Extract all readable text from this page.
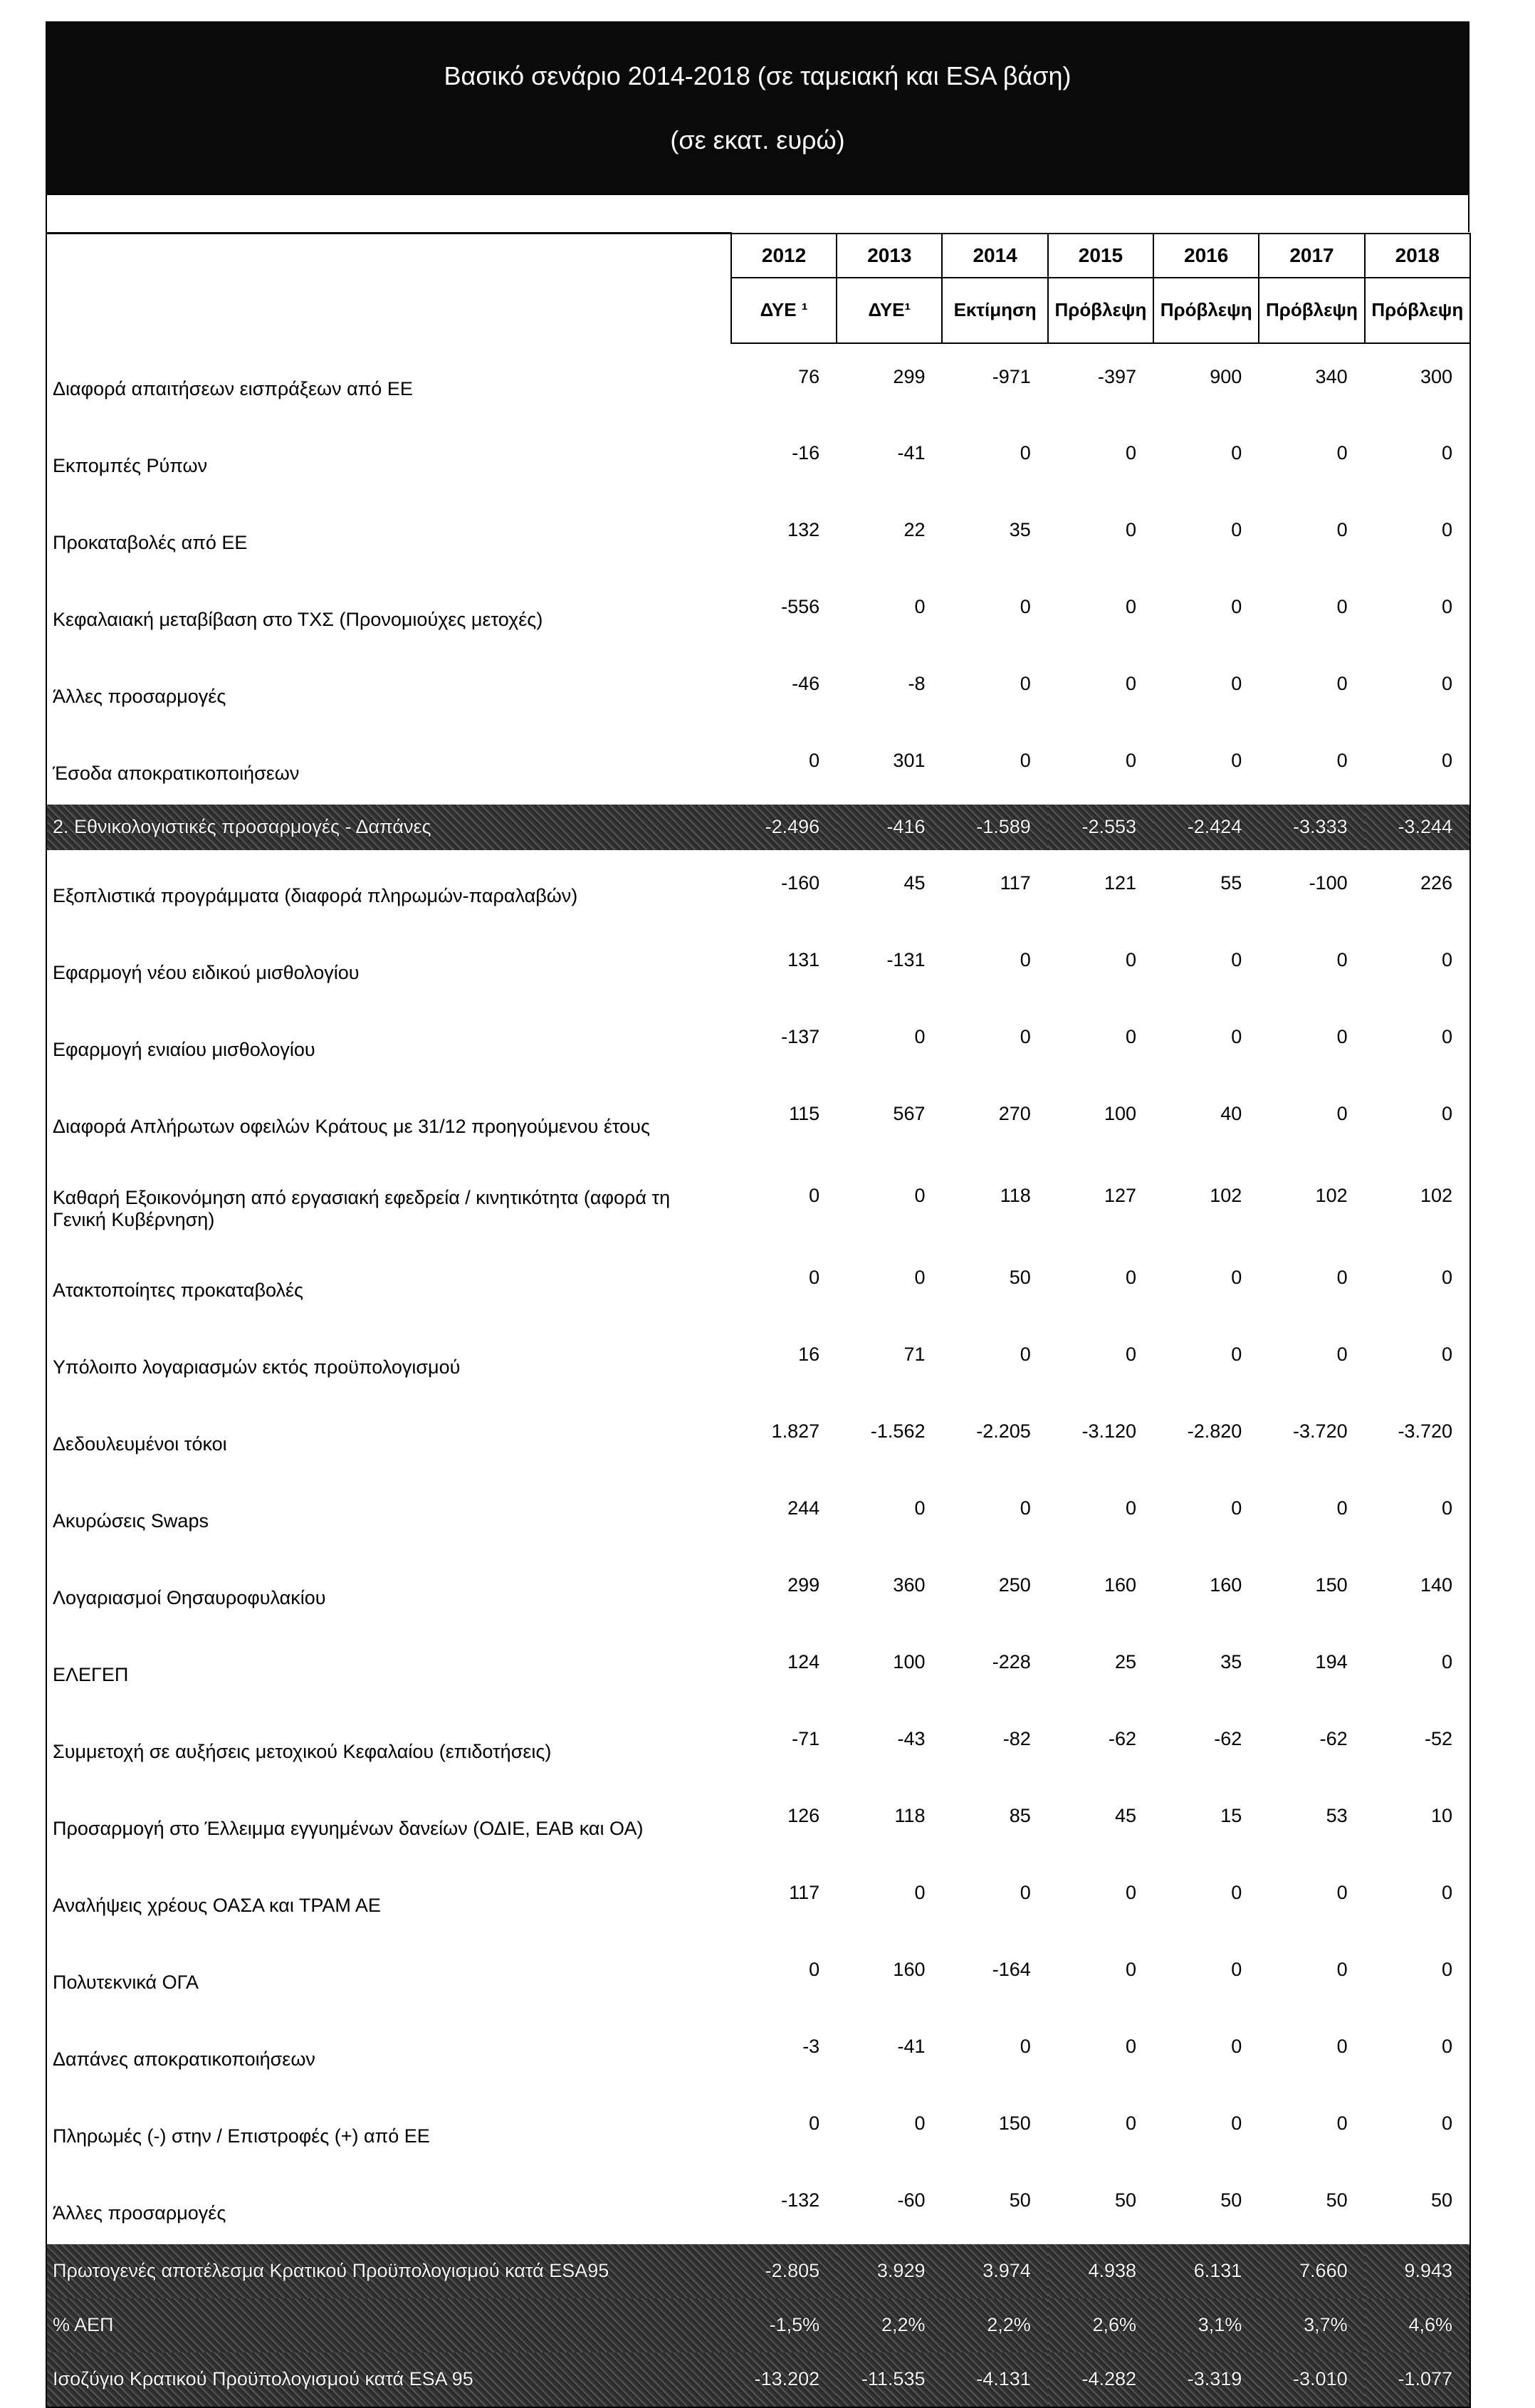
Βασικό σενάριο 2014-2018 (σε ταμειακή και ESA βάση)
(σε εκατ. ευρώ)
	2012	2013	2014	2015	2016	2017	2018
	ΔΥΕ ¹	ΔΥΕ¹	Εκτίμηση	Πρόβλεψη	Πρόβλεψη	Πρόβλεψη	Πρόβλεψη
Διαφορά απαιτήσεων εισπράξεων από ΕΕ	76	299	-971	-397	900	340	300
Εκπομπές Ρύπων	-16	-41	0	0	0	0	0
Προκαταβολές από ΕΕ	132	22	35	0	0	0	0
Κεφαλαιακή μεταβίβαση στο ΤΧΣ (Προνομιούχες μετοχές)	-556	0	0	0	0	0	0
Άλλες προσαρμογές	-46	-8	0	0	0	0	0
Έσοδα αποκρατικοποιήσεων	0	301	0	0	0	0	0
2. Εθνικολογιστικές προσαρμογές - Δαπάνες	-2.496	-416	-1.589	-2.553	-2.424	-3.333	-3.244
Εξοπλιστικά προγράμματα (διαφορά πληρωμών-παραλαβών)	-160	45	117	121	55	-100	226
Εφαρμογή νέου ειδικού μισθολογίου	131	-131	0	0	0	0	0
Εφαρμογή ενιαίου μισθολογίου	-137	0	0	0	0	0	0
Διαφορά Απλήρωτων οφειλών Κράτους με 31/12 προηγούμενου έτους	115	567	270	100	40	0	0
Καθαρή Εξοικονόμηση από εργασιακή εφεδρεία / κινητικότητα (αφορά τη Γενική Κυβέρνηση)	0	0	118	127	102	102	102
Ατακτοποίητες προκαταβολές	0	0	50	0	0	0	0
Υπόλοιπο λογαριασμών εκτός προϋπολογισμού	16	71	0	0	0	0	0
Δεδουλευμένοι τόκοι	1.827	-1.562	-2.205	-3.120	-2.820	-3.720	-3.720
Ακυρώσεις Swaps	244	0	0	0	0	0	0
Λογαριασμοί Θησαυροφυλακίου	299	360	250	160	160	150	140
ΕΛΕΓΕΠ	124	100	-228	25	35	194	0
Συμμετοχή σε αυξήσεις μετοχικού Κεφαλαίου (επιδοτήσεις)	-71	-43	-82	-62	-62	-62	-52
Προσαρμογή στο Έλλειμμα εγγυημένων δανείων (ΟΔΙΕ, ΕΑΒ και ΟΑ)	126	118	85	45	15	53	10
Αναλήψεις χρέους ΟΑΣΑ και ΤΡΑΜ ΑΕ	117	0	0	0	0	0	0
Πολυτεκνικά ΟΓΑ	0	160	-164	0	0	0	0
Δαπάνες αποκρατικοποιήσεων	-3	-41	0	0	0	0	0
Πληρωμές (-) στην / Επιστροφές (+) από ΕΕ	0	0	150	0	0	0	0
Άλλες προσαρμογές	-132	-60	50	50	50	50	50
Πρωτογενές αποτέλεσμα Κρατικού Προϋπολογισμού κατά ESA95	-2.805	3.929	3.974	4.938	6.131	7.660	9.943
% ΑΕΠ	-1,5%	2,2%	2,2%	2,6%	3,1%	3,7%	4,6%
Ισοζύγιο Κρατικού Προϋπολογισμού κατά ESA 95	-13.202	-11.535	-4.131	-4.282	-3.319	-3.010	-1.077
